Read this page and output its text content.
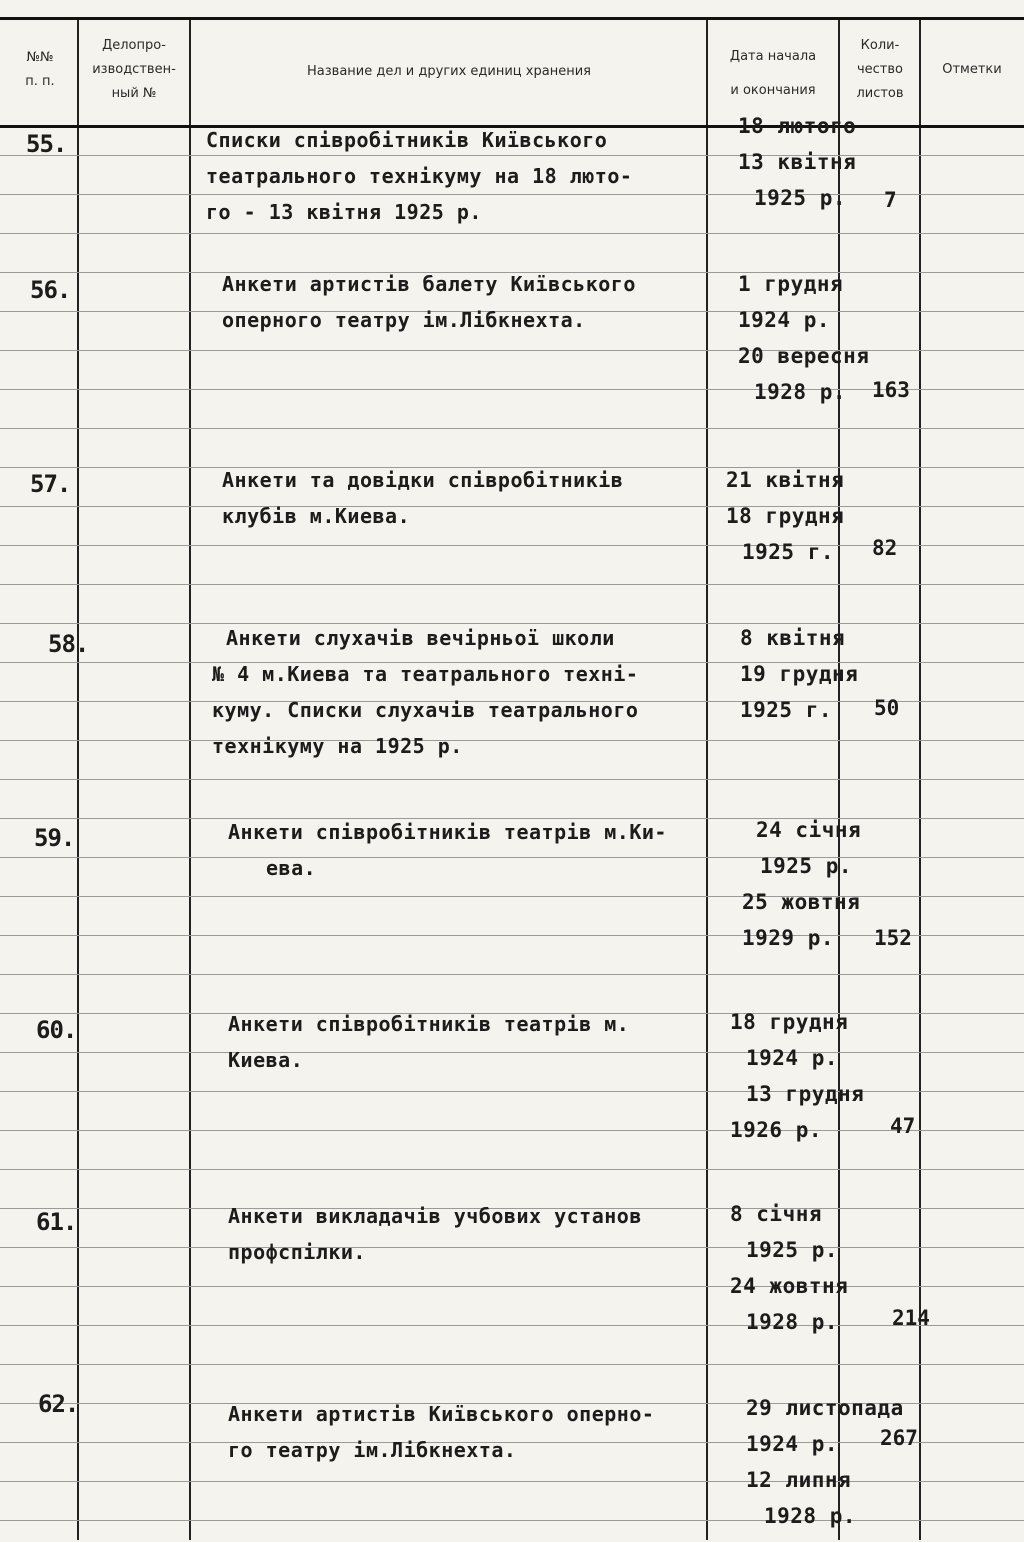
№№
п. п.
Делопро-
изводствен-
ный №
Название дел и других единиц хранения
Дата начала
и окончания
Коли-
чество
листов
Отметки
55.	Списки співробітників Київського
театрального технікуму на 18 люто-
го - 13 квітня 1925 р.
18 лютого
13 квітня
1925 р.	7
56.	Анкети артистів балету Київського
оперного театру ім.Лібкнехта.
1 грудня
1924 р.
20 вересня
1928 р.	163
57.	Анкети та довідки співробітників
клубів м.Киева.
21 квітня
18 грудня
1925 г.	82
58.	Анкети слухачів вечірньої школи
№ 4 м.Киева та театрального техні-
куму. Списки слухачів театрального
технікуму на 1925 р.
8 квітня
19 грудня
1925 г.	50
59.	Анкети співробітників театрів м.Ки-
ева.
24 січня
1925 р.
25 жовтня
1929 р.	152
60.	Анкети співробітників театрів м.
Киева.
18 грудня
1924 р.
13 грудня
1926 р.	47
61.	Анкети викладачів учбових установ
профспілки.
8 січня
1925 р.
24 жовтня
1928 р.	214
62.	Анкети артистів Київського оперно-
го театру ім.Лібкнехта.
29 листопада
1924 р.
12 липня
1928 р.
267
